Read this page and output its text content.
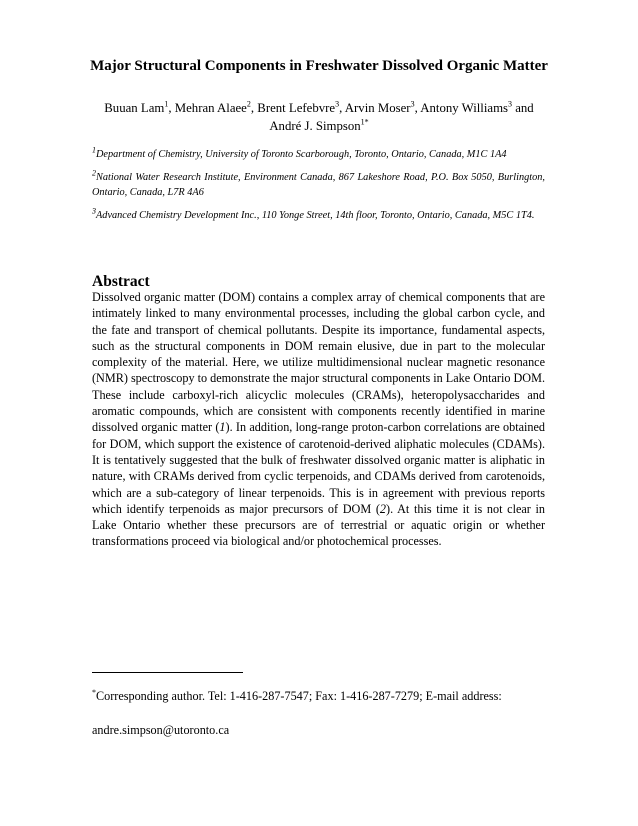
Major Structural Components in Freshwater Dissolved Organic Matter
Buuan Lam$^1$, Mehran Alaee$^2$, Brent Lefebvre$^3$, Arvin Moser$^3$, Antony Williams$^3$ and
André J. Simpson$^{1*}$
$^1$Department of Chemistry, University of Toronto Scarborough, Toronto, Ontario, Canada, M1C 1A4
$^2$National Water Research Institute, Environment Canada, 867 Lakeshore Road, P.O. Box 5050, Burlington, Ontario, Canada, L7R 4A6
$^3$Advanced Chemistry Development Inc., 110 Yonge Street, 14th floor, Toronto, Ontario, Canada, M5C 1T4.
Abstract

Dissolved organic matter (DOM) contains a complex array of chemical components that are intimately linked to many environmental processes, including the global carbon cycle, and the fate and transport of chemical pollutants. Despite its importance, fundamental aspects, such as the structural components in DOM remain elusive, due in part to the molecular complexity of the material. Here, we utilize multidimensional nuclear magnetic resonance (NMR) spectroscopy to demonstrate the major structural components in Lake Ontario DOM. These include carboxyl-rich alicyclic molecules (CRAMs), heteropolysaccharides and aromatic compounds, which are consistent with components recently identified in marine dissolved organic matter (1). In addition, long-range proton-carbon correlations are obtained for DOM, which support the existence of carotenoid-derived aliphatic molecules (CDAMs). It is tentatively suggested that the bulk of freshwater dissolved organic matter is aliphatic in nature, with CRAMs derived from cyclic terpenoids, and CDAMs derived from carotenoids, which are a sub-category of linear terpenoids. This is in agreement with previous reports which identify terpenoids as major precursors of DOM (2). At this time it is not clear in Lake Ontario whether these precursors are of terrestrial or aquatic origin or whether transformations proceed via biological and/or photochemical processes.

*Corresponding author. Tel: 1-416-287-7547; Fax: 1-416-287-7279; E-mail address:
andre.simpson@utoronto.ca
